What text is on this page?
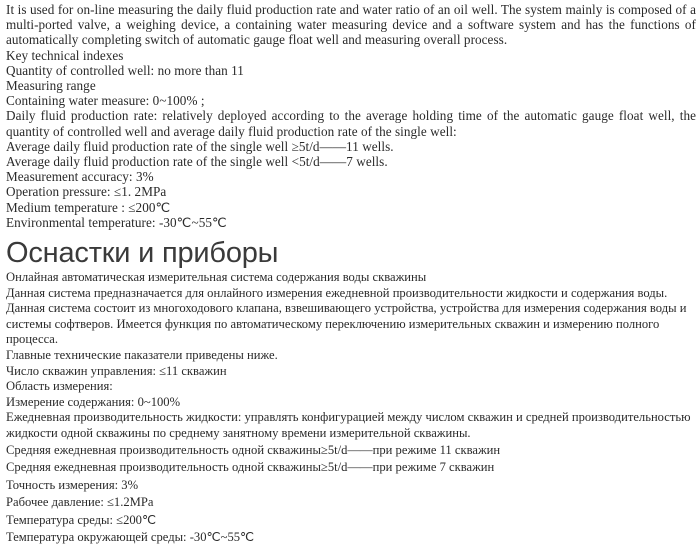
It is used for on-line measuring the daily fluid production rate and water ratio of an oil well. The system mainly is composed of a multi-ported valve, a weighing device, a containing water measuring device and a software system and has the functions of automatically completing switch of automatic gauge float well and measuring overall process.
Key technical indexes
Quantity of controlled well: no more than 11
Measuring range
Containing water measure: 0~100% ;
Daily fluid production rate: relatively deployed according to the average holding time of the automatic gauge float well, the quantity of controlled well and average daily fluid production rate of the single well:
Average daily fluid production rate of the single well ≥5t/d——11 wells.
Average daily fluid production rate of the single well <5t/d——7 wells.
Measurement accuracy: 3%
Operation pressure: ≤1. 2MPa
Medium temperature : ≤200℃
Environmental temperature: -30℃~55℃
Оснастки и приборы
Онлайная автоматическая измерительная система содержания воды скважины
Данная система предназначается для онлайного измерения ежедневной производительности жидкости и содержания воды. Данная система состоит из многоходового клапана, взвешивающего устройства, устройства для измерения содержания воды и системы софтверов. Имеется функция по автоматическому переключению измерительных скважин и измерению полного процесса.
Главные технические паказатели приведены ниже.
Число скважин управления: ≤11 скважин
Область измерения:
Измерение содержания: 0~100%
Ежедневная производительность жидкости: управлять конфигурацией между числом скважин и средней производительностью жидкости одной скважины по среднему занятному времени измерительной скважины.
Средняя ежедневная производительность одной скважины≥5t/d——при режиме 11 скважин
Средняя ежедневная производительность одной скважины≥5t/d——при режиме 7 скважин
Точность измерения: 3%
Рабочее давление: ≤1.2MPa
Температура среды: ≤200℃
Температура окружающей среды: -30℃~55℃
